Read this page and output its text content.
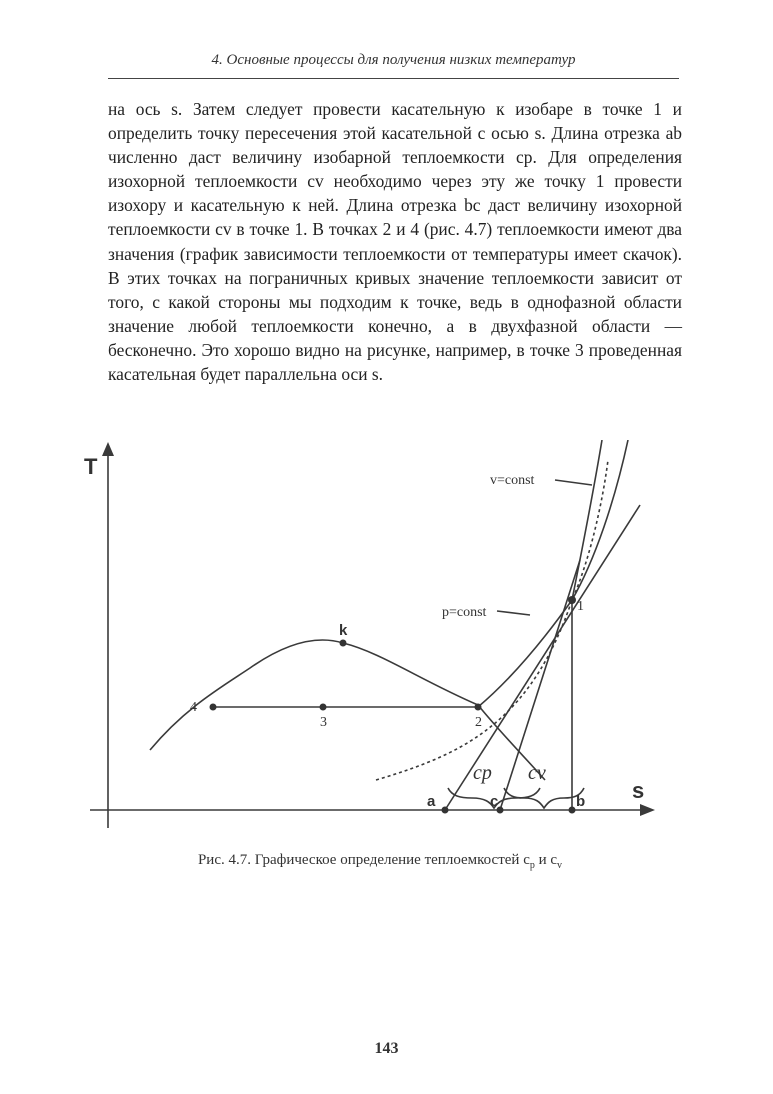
4. Основные процессы для получения низких температур

на ось s. Затем следует провести касательную к изобаре в точке 1 и определить точку пересечения этой касательной с осью s. Длина отрезка ab численно даст величину изобарной теплоемкости cp. Для определения изохорной теплоемкости cv необходимо через эту же точку 1 провести изохору и касательную к ней. Длина отрезка bc даст величину изохорной теплоемкости cv в точке 1. В точках 2 и 4 (рис. 4.7) теплоемкости имеют два значения (график зависимости теплоемкости от температуры имеет скачок). В этих точках на пограничных кривых значение теплоемкости зависит от того, с какой стороны мы подходим к точке, ведь в однофазной области значение любой теплоемкости конечно, а в двухфазной области — бесконечно. Это хорошо видно на рисунке, например, в точке 3 проведенная касательная будет параллельна оси s.

T
s
v=const
p=const
k
1
2
3
4
a	c	b
cp cv
Рис. 4.7. Графическое определение теплоемкостей $c_p$ и $c_v$
143
